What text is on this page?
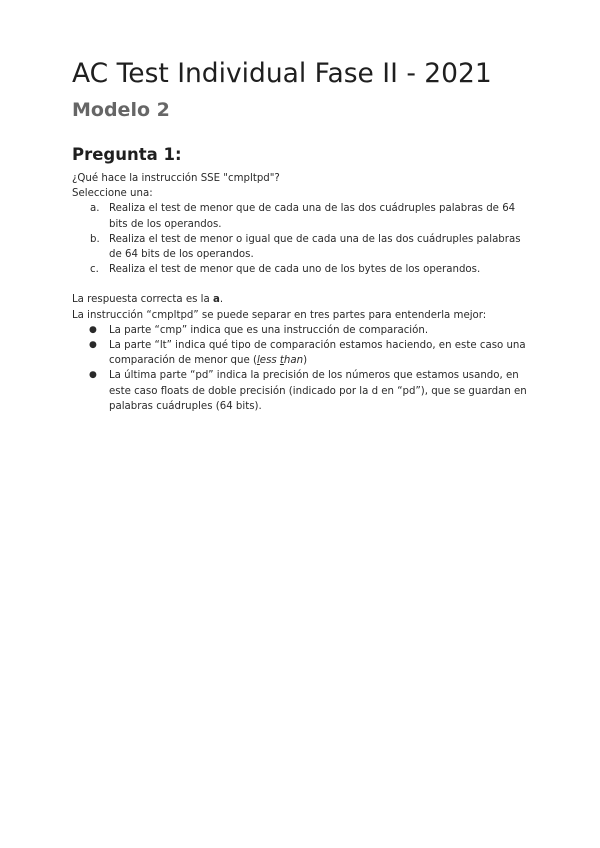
AC Test Individual Fase II - 2021
Modelo 2
Pregunta 1:

¿Qué hace la instrucción SSE "cmpltpd"?

Seleccione una:

a. Realiza el test de menor que de cada una de las dos cuádruples palabras de 64 bits de los operandos.
b. Realiza el test de menor o igual que de cada una de las dos cuádruples palabras de 64 bits de los operandos.
c. Realiza el test de menor que de cada uno de los bytes de los operandos.

La respuesta correcta es la a.

La instrucción “cmpltpd” se puede separar en tres partes para entenderla mejor:

● La parte “cmp” indica que es una instrucción de comparación.
● La parte “lt” indica qué tipo de comparación estamos haciendo, en este caso una comparación de menor que (less than)
● La última parte “pd” indica la precisión de los números que estamos usando, en este caso floats de doble precisión (indicado por la d en “pd”), que se guardan en palabras cuádruples (64 bits).
